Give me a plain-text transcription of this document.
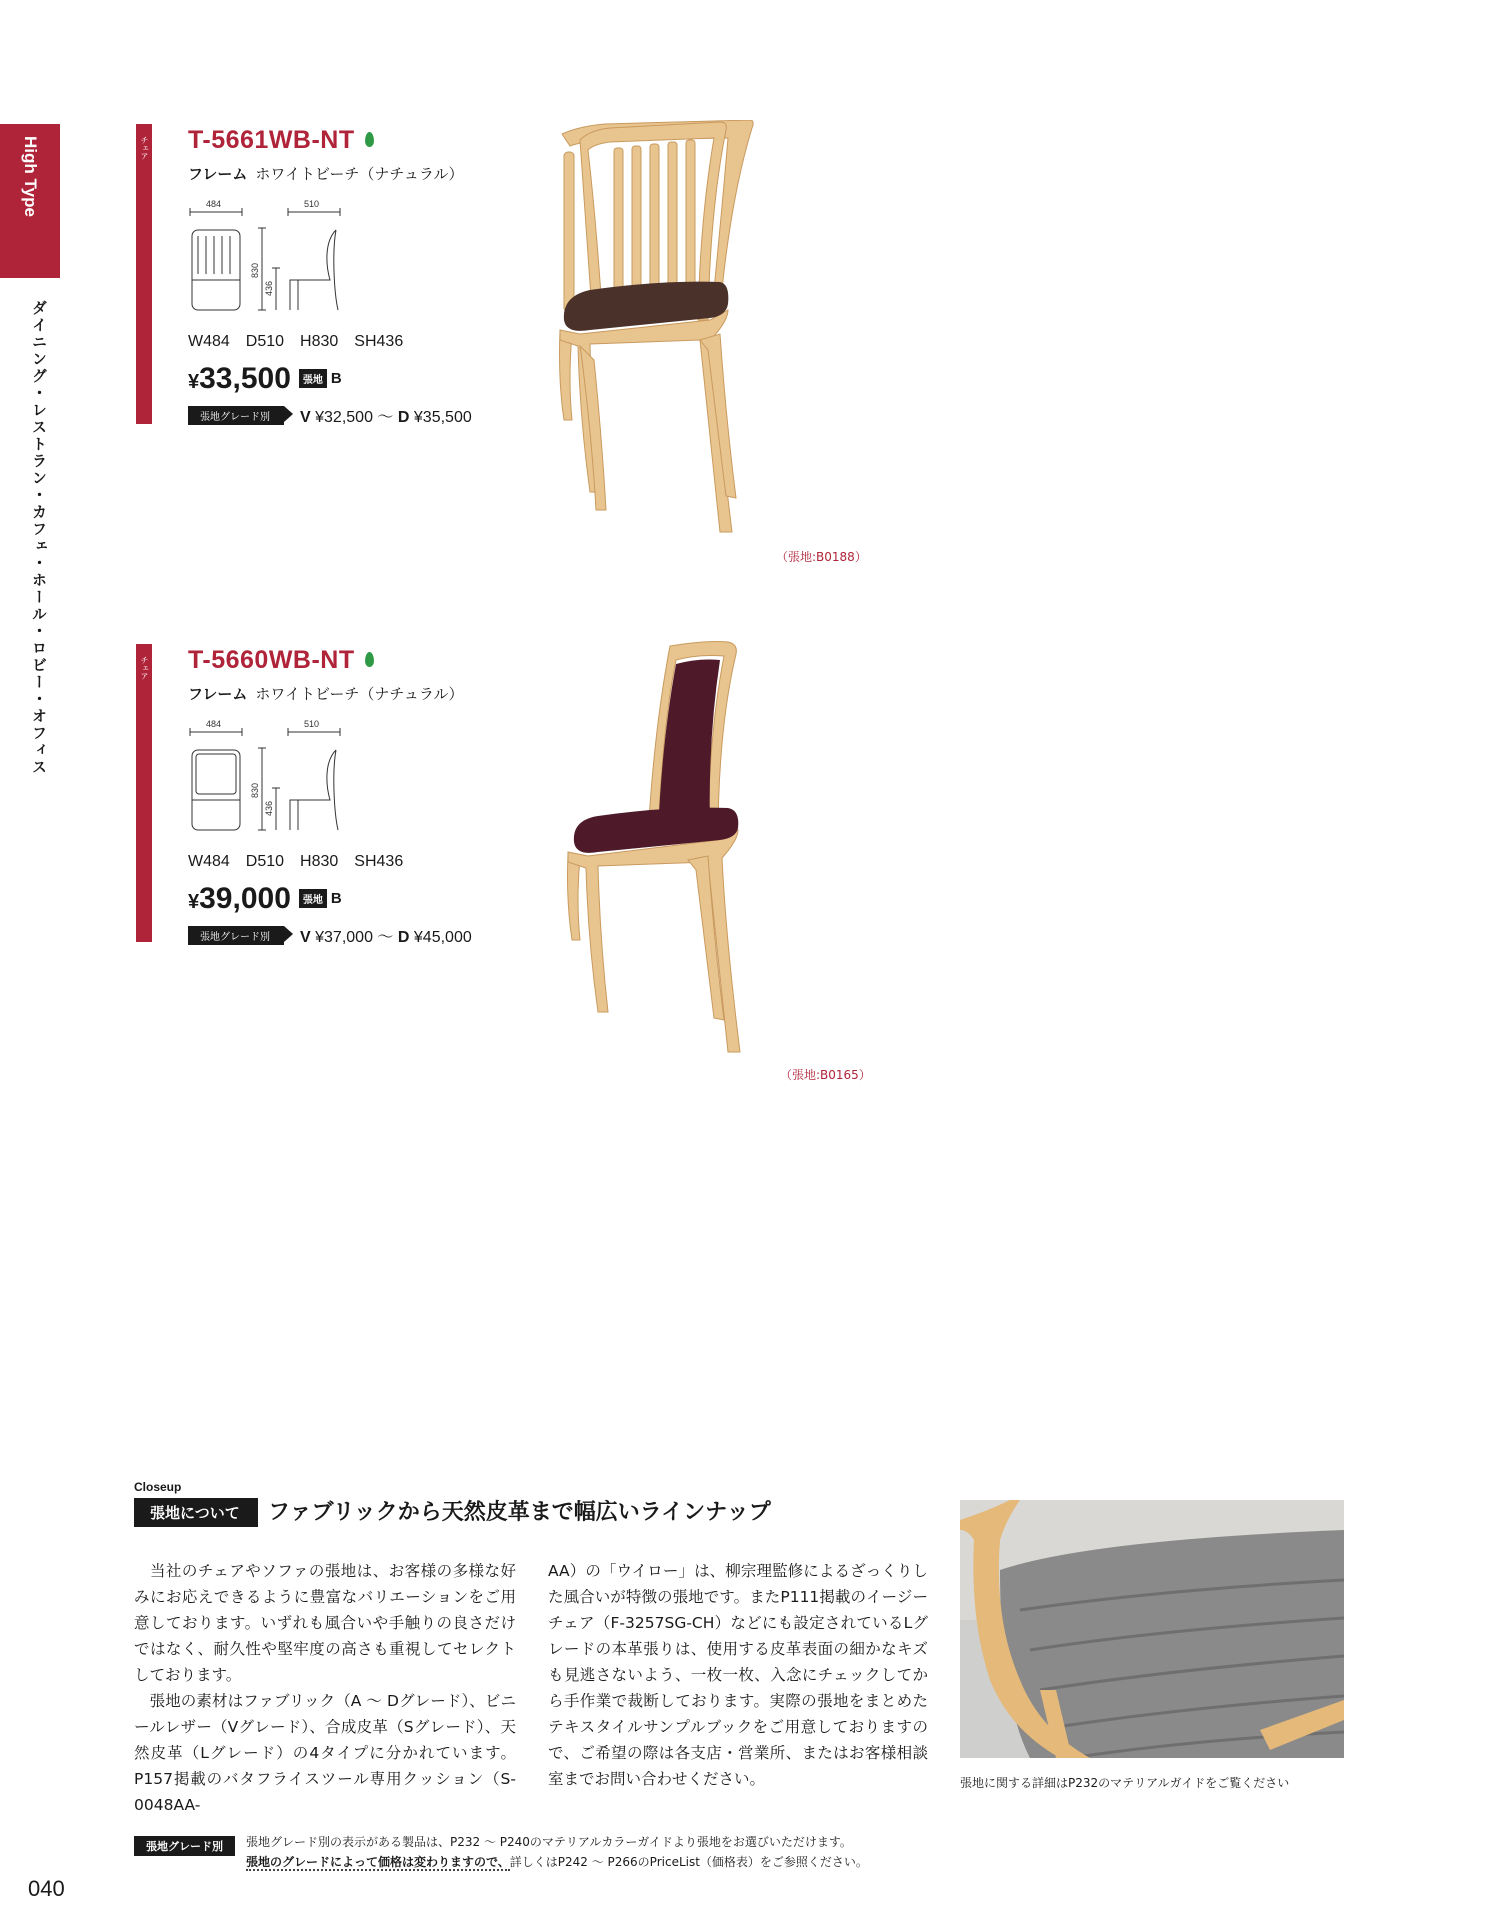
High Type
ダイニング・レストラン・カフェ・ホール・ロビー・オフィス
チェア T-5661WB-NT
フレーム ホワイトビーチ（ナチュラル）
484	510
830
436
W484　D510　H830　SH436
¥33,500 張地 B
張地グレード別 V ¥32,500 ～ D ¥35,500
（張地:B0188）
チェア T-5660WB-NT
フレーム ホワイトビーチ（ナチュラル）
484	510
830
436
W484　D510　H830　SH436
¥39,000 張地 B
張地グレード別 V ¥37,000 ～ D ¥45,000
（張地:B0165）
Closeup
張地について	ファブリックから天然皮革まで幅広いラインナップ

　当社のチェアやソファの張地は、お客様の多様な好みにお応えできるように豊富なバリエーションをご用意しております。いずれも風合いや手触りの良さだけではなく、耐久性や堅牢度の高さも重視してセレクトしております。

　張地の素材はファブリック（A ～ Dグレード）、ビニールレザー（Vグレード）、合成皮革（Sグレード）、天然皮革（Lグレード）の4タイプに分かれています。P157掲載のバタフライスツール専用クッション（S-0048AA-

AA）の「ウイロー」は、柳宗理監修によるざっくりした風合いが特徴の張地です。またP111掲載のイージーチェア（F-3257SG-CH）などにも設定されているLグレードの本革張りは、使用する皮革表面の細かなキズも見逃さないよう、一枚一枚、入念にチェックしてから手作業で裁断しております。実際の張地をまとめたテキスタイルサンプルブックをご用意しておりますので、ご希望の際は各支店・営業所、またはお客様相談室までお問い合わせください。	張地に関する詳細はP232のマテリアルガイドをご覧ください
張地グレード別	張地グレード別の表示がある製品は、P232 ～ P240のマテリアルカラーガイドより張地をお選びいただけます。
張地のグレードによって価格は変わりますので、詳しくはP242 ～ P266のPriceList（価格表）をご参照ください。
040
